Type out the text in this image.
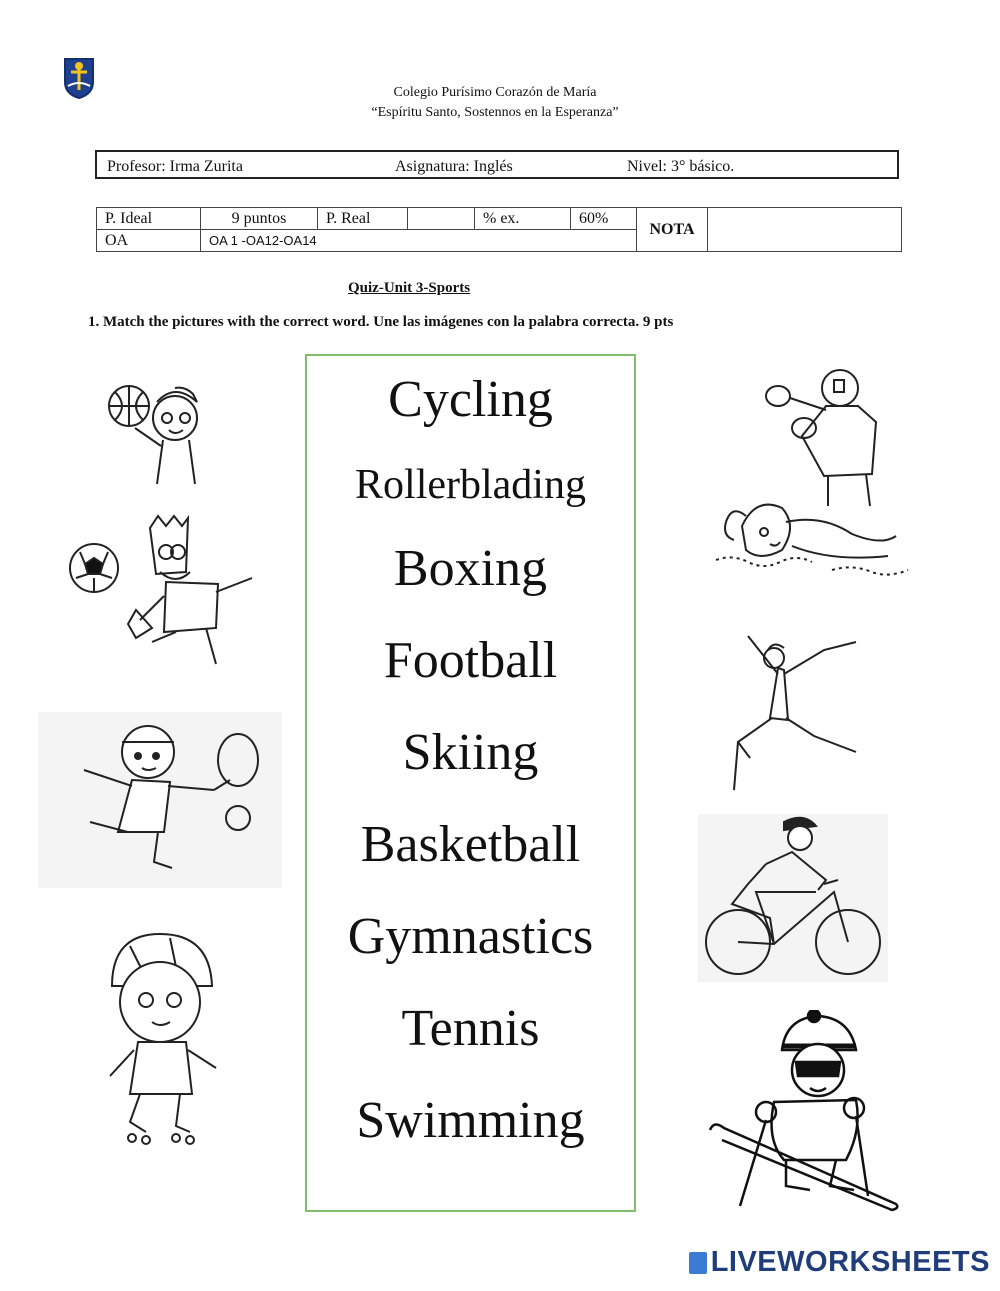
Colegio Purísimo Corazón de María
“Espíritu Santo, Sostennos en la Esperanza”
Profesor: Irma Zurita	Asignatura: Inglés	Nivel: 3° básico.
P. Ideal	9 puntos	P. Real		% ex.	60%	NOTA	
OA	OA 1 -OA12-OA14						
Quiz-Unit 3-Sports
1. Match the pictures with the correct word. Une las imágenes con la palabra correcta. 9 pts
Cycling
Rollerblading
Boxing
Football
Skiing
Basketball
Gymnastics
Tennis
Swimming
LIVEWORKSHEETS
